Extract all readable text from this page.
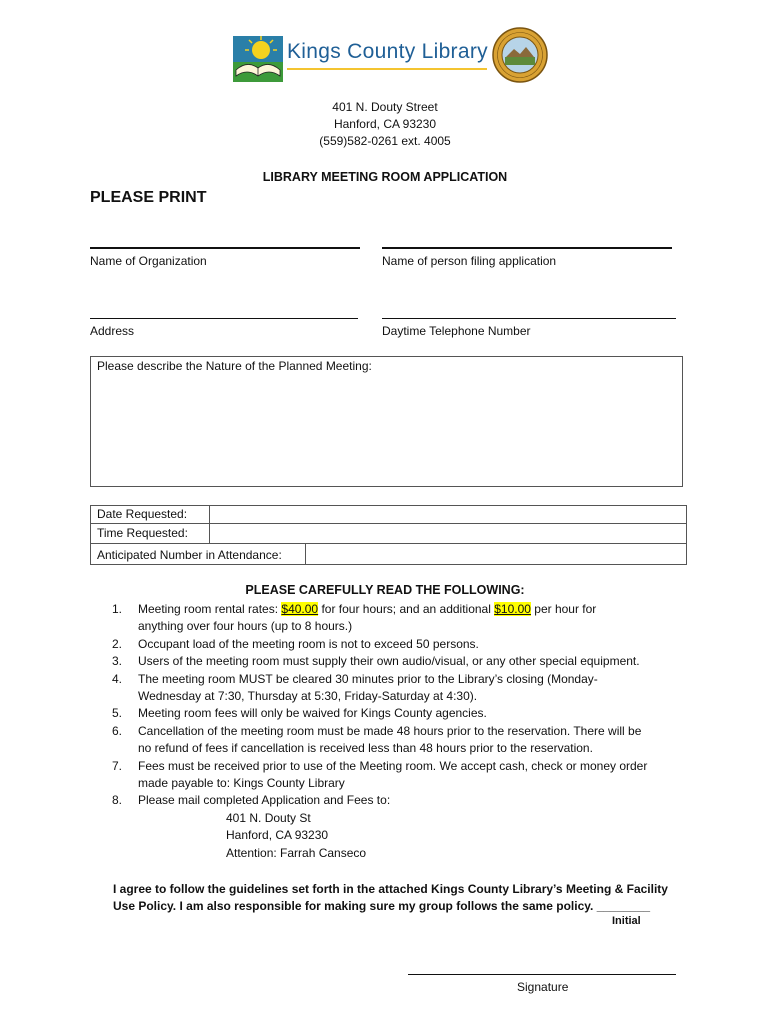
Kings County Library
401 N. Douty Street
Hanford, CA 93230
(559)582-0261 ext. 4005
LIBRARY MEETING ROOM APPLICATION
PLEASE PRINT
Name of Organization	Name of person filing application
Address	Daytime Telephone Number
Please describe the Nature of the Planned Meeting:
Date Requested:
Time Requested:
Anticipated Number in Attendance:
PLEASE CAREFULLY READ THE FOLLOWING:
1. Meeting room rental rates: $40.00 for four hours; and an additional $10.00 per hour for
anything over four hours (up to 8 hours.)
2. Occupant load of the meeting room is not to exceed 50 persons.
3. Users of the meeting room must supply their own audio/visual, or any other special equipment.
4. The meeting room MUST be cleared 30 minutes prior to the Library’s closing (Monday-
Wednesday at 7:30, Thursday at 5:30, Friday-Saturday at 4:30).
5. Meeting room fees will only be waived for Kings County agencies.
6. Cancellation of the meeting room must be made 48 hours prior to the reservation. There will be
no refund of fees if cancellation is received less than 48 hours prior to the reservation.
7. Fees must be received prior to use of the Meeting room. We accept cash, check or money order
made payable to: Kings County Library
8. Please mail completed Application and Fees to:
401 N. Douty St
Hanford, CA 93230
Attention: Farrah Canseco
I agree to follow the guidelines set forth in the attached Kings County Library’s Meeting & Facility
Use Policy. I am also responsible for making sure my group follows the same policy. ________
Initial
Signature
